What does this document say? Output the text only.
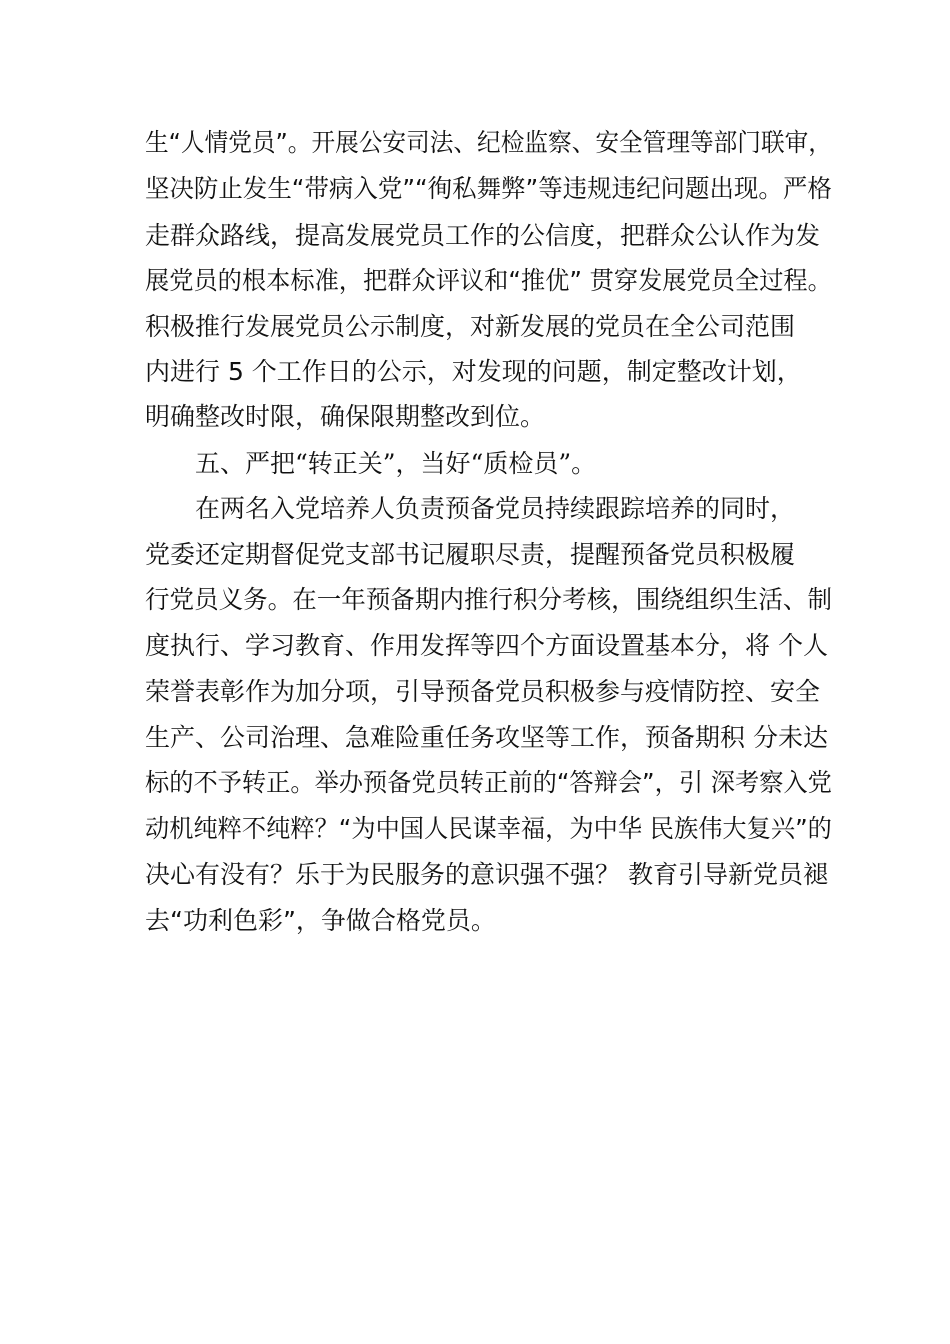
生“人情党员”。开展公安司法、纪检监察、安全管理等部门联审，
坚决防止发生“带病入党”“徇私舞弊”等违规违纪问题出现。严格
走群众路线，提高发展党员工作的公信度，把群众公认作为发
展党员的根本标准，把群众评议和“推优” 贯穿发展党员全过程。
积极推行发展党员公示制度，对新发展的党员在全公司范围
内进行 5 个工作日的公示，对发现的问题，制定整改计划，
明确整改时限，确保限期整改到位。
五、严把“转正关”，当好“质检员”。
在两名入党培养人负责预备党员持续跟踪培养的同时，
党委还定期督促党支部书记履职尽责，提醒预备党员积极履
行党员义务。在一年预备期内推行积分考核，围绕组织生活、制
度执行、学习教育、作用发挥等四个方面设置基本分，将 个人
荣誉表彰作为加分项，引导预备党员积极参与疫情防控、安全
生产、公司治理、急难险重任务攻坚等工作，预备期积 分未达
标的不予转正。举办预备党员转正前的“答辩会”，引 深考察入党
动机纯粹不纯粹？“为中国人民谋幸福，为中华 民族伟大复兴”的
决心有没有？乐于为民服务的意识强不强？ 教育引导新党员褪
去“功利色彩”，争做合格党员。
